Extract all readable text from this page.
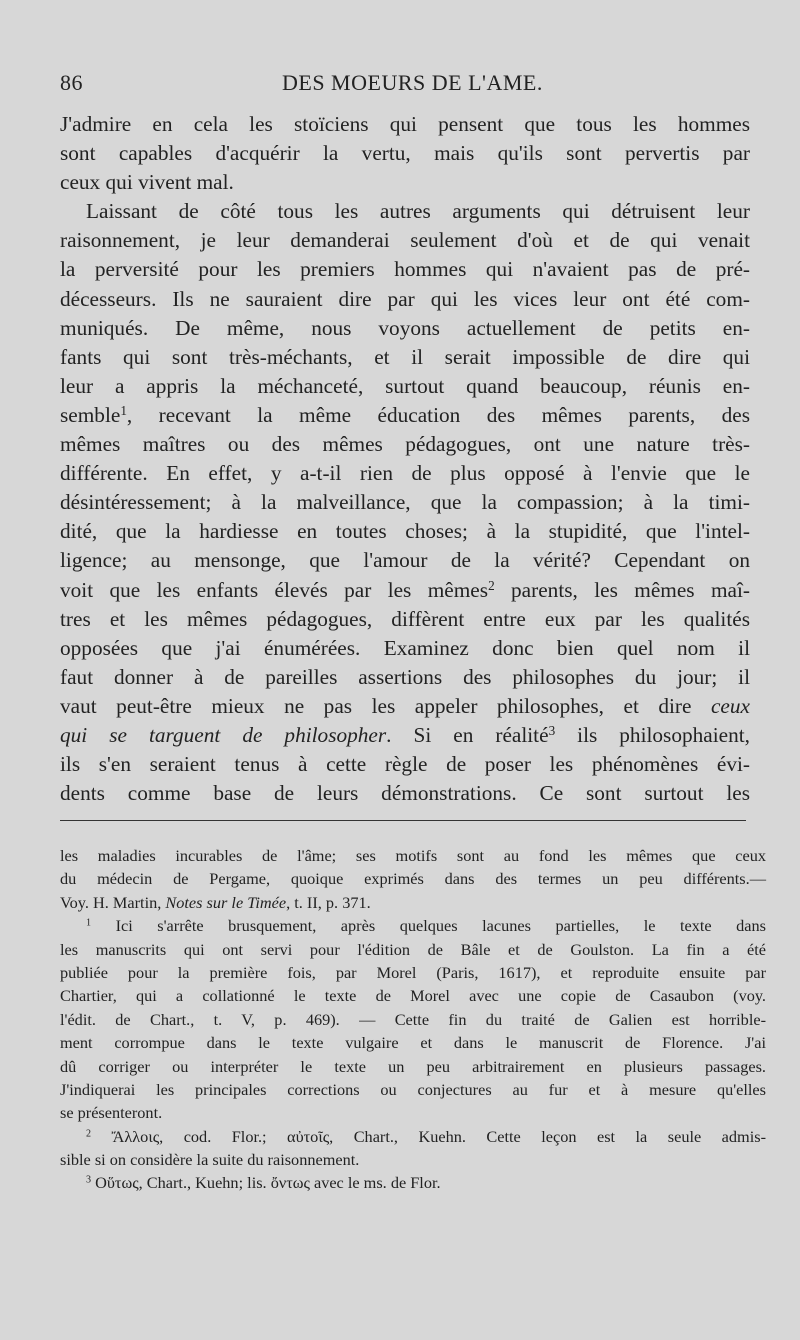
86	DES MOEURS DE L'AME.
J'admire en cela les stoïciens qui pensent que tous les hommes
sont capables d'acquérir la vertu, mais qu'ils sont pervertis par
ceux qui vivent mal.
Laissant de côté tous les autres arguments qui détruisent leur
raisonnement, je leur demanderai seulement d'où et de qui venait
la perversité pour les premiers hommes qui n'avaient pas de pré-
décesseurs. Ils ne sauraient dire par qui les vices leur ont été com-
muniqués. De même, nous voyons actuellement de petits en-
fants qui sont très-méchants, et il serait impossible de dire qui
leur a appris la méchanceté, surtout quand beaucoup, réunis en-
semble$^1$, recevant la même éducation des mêmes parents, des
mêmes maîtres ou des mêmes pédagogues, ont une nature très-
différente. En effet, y a-t-il rien de plus opposé à l'envie que le
désintéressement; à la malveillance, que la compassion; à la timi-
dité, que la hardiesse en toutes choses; à la stupidité, que l'intel-
ligence; au mensonge, que l'amour de la vérité? Cependant on
voit que les enfants élevés par les mêmes$^2$ parents, les mêmes maî-
tres et les mêmes pédagogues, diffèrent entre eux par les qualités
opposées que j'ai énumérées. Examinez donc bien quel nom il
faut donner à de pareilles assertions des philosophes du jour; il
vaut peut-être mieux ne pas les appeler philosophes, et dire ceux
qui se targuent de philosopher. Si en réalité$^3$ ils philosophaient,
ils s'en seraient tenus à cette règle de poser les phénomènes évi-
dents comme base de leurs démonstrations. Ce sont surtout les
les maladies incurables de l'âme; ses motifs sont au fond les mêmes que ceux
du médecin de Pergame, quoique exprimés dans des termes un peu différents.—
Voy. H. Martin, Notes sur le Timée, t. II, p. 371.
$^1$ Ici s'arrête brusquement, après quelques lacunes partielles, le texte dans
les manuscrits qui ont servi pour l'édition de Bâle et de Goulston. La fin a été
publiée pour la première fois, par Morel (Paris, 1617), et reproduite ensuite par
Chartier, qui a collationné le texte de Morel avec une copie de Casaubon (voy.
l'édit. de Chart., t. V, p. 469). — Cette fin du traité de Galien est horrible-
ment corrompue dans le texte vulgaire et dans le manuscrit de Florence. J'ai
dû corriger ou interpréter le texte un peu arbitrairement en plusieurs passages.
J'indiquerai les principales corrections ou conjectures au fur et à mesure qu'elles
se présenteront.
$^2$ Ἄλλοις, cod. Flor.; αὐτοῖς, Chart., Kuehn. Cette leçon est la seule admis-
sible si on considère la suite du raisonnement.
$^3$ Οὕτως, Chart., Kuehn; lis. ὄντως avec le ms. de Flor.
